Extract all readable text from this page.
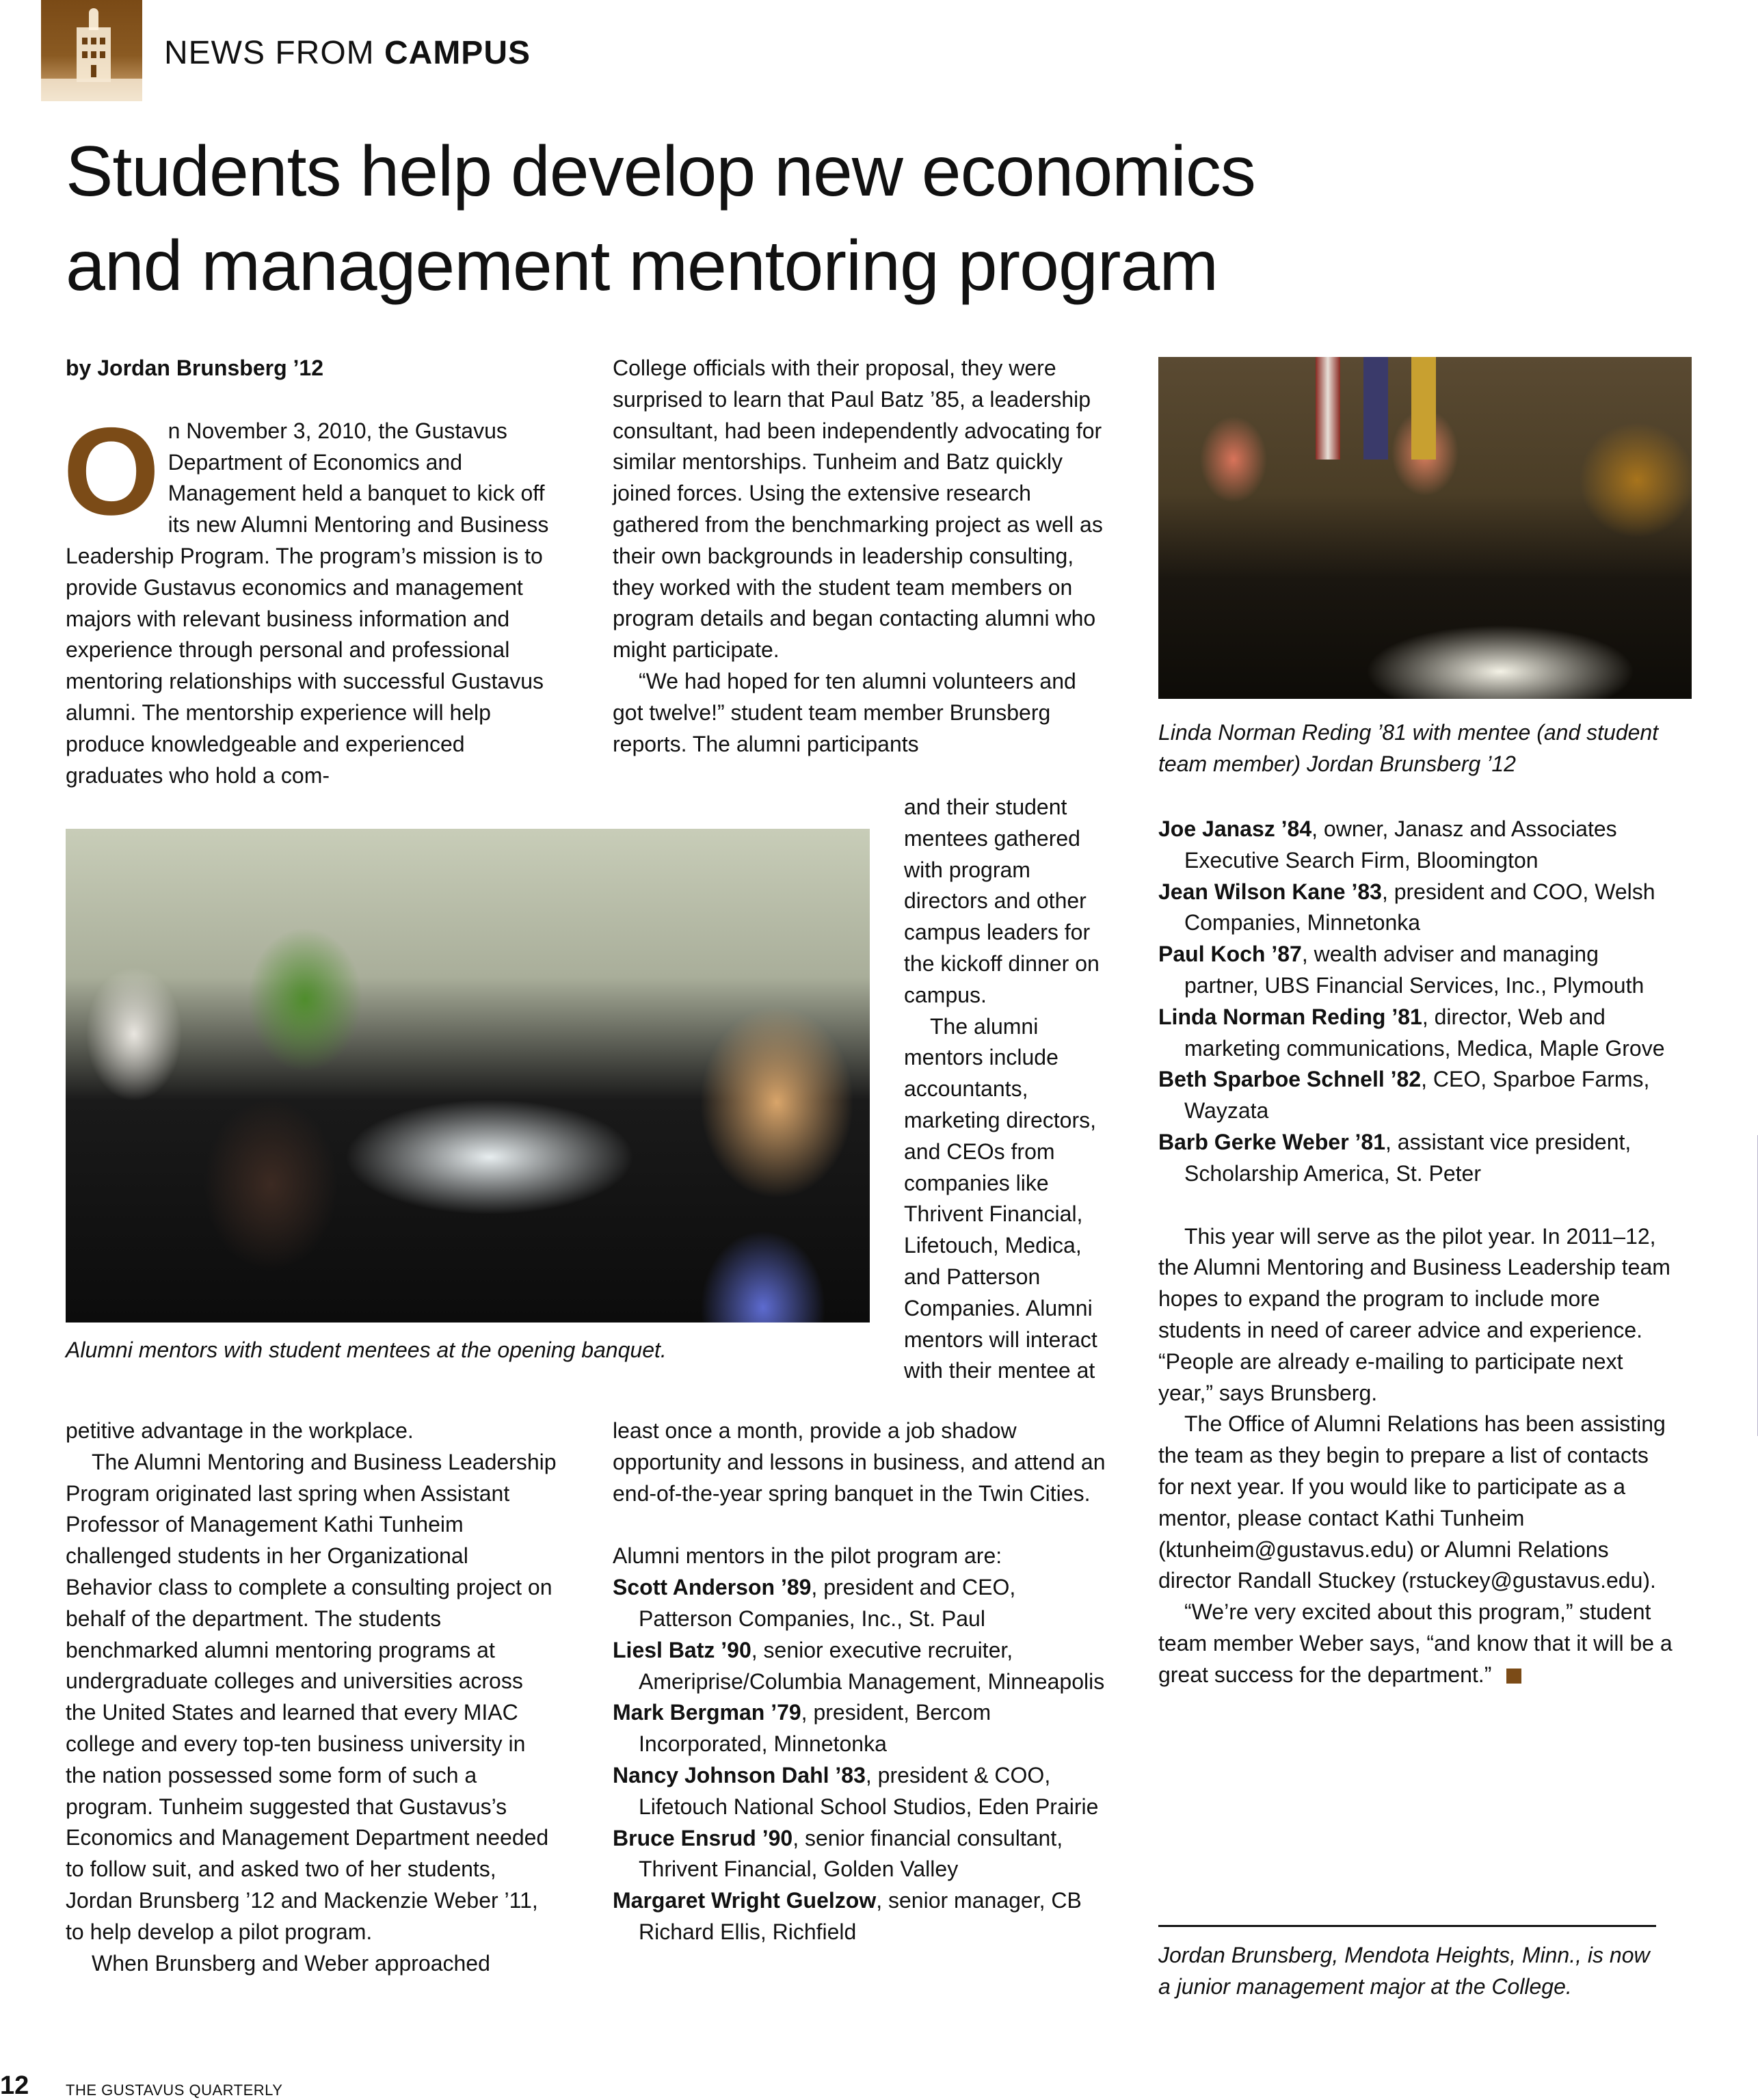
NEWS FROM CAMPUS
Students help develop new economics
and management mentoring program

by Jordan Brunsberg ’12

On November 3, 2010, the Gustavus Department of Economics and Management held a banquet to kick off its new Alumni Mentoring and Business Leadership Program. The program’s mission is to provide Gustavus economics and management majors with relevant business information and experience through personal and professional mentoring relationships with successful Gustavus alumni. The mentorship experience will help produce knowledgeable and experienced graduates who hold a com-

Alumni mentors with student mentees at the opening banquet.

petitive advantage in the workplace.

The Alumni Mentoring and Business Leadership Program originated last spring when Assistant Professor of Management Kathi Tunheim challenged students in her Organizational Behavior class to complete a consulting project on behalf of the department. The students benchmarked alumni mentoring programs at undergraduate colleges and universities across the United States and learned that every MIAC college and every top-ten business university in the nation possessed some form of such a program. Tunheim suggested that Gustavus’s Economics and Management Department needed to follow suit, and asked two of her students, Jordan Brunsberg ’12 and Mackenzie Weber ’11, to help develop a pilot program.

When Brunsberg and Weber approached

College officials with their proposal, they were surprised to learn that Paul Batz ’85, a leadership consultant, had been independently advocating for similar mentorships. Tunheim and Batz quickly joined forces. Using the extensive research gathered from the benchmarking project as well as their own backgrounds in leadership consulting, they worked with the student team members on program details and began contacting alumni who might participate.

“We had hoped for ten alumni volunteers and got twelve!” student team member Brunsberg reports. The alumni participants

and their student mentees gathered with program directors and other campus leaders for the kickoff dinner on campus.

The alumni mentors include accountants, marketing directors, and CEOs from companies like Thrivent Financial, Lifetouch, Medica, and Patterson Companies. Alumni mentors will interact with their mentee at

least once a month, provide a job shadow opportunity and lessons in business, and attend an end-of-the-year spring banquet in the Twin Cities.

Alumni mentors in the pilot program are:

Scott Anderson ’89, president and CEO, Patterson Companies, Inc., St. Paul

Liesl Batz ’90, senior executive recruiter, Ameriprise/Columbia Management, Minneapolis

Mark Bergman ’79, president, Bercom Incorporated, Minnetonka

Nancy Johnson Dahl ’83, president & COO, Lifetouch National School Studios, Eden Prairie

Bruce Ensrud ’90, senior financial consultant, Thrivent Financial, Golden Valley

Margaret Wright Guelzow, senior manager, CB Richard Ellis, Richfield

Linda Norman Reding ’81 with mentee (and student team member) Jordan Brunsberg ’12

Joe Janasz ’84, owner, Janasz and Associates Executive Search Firm, Bloomington

Jean Wilson Kane ’83, president and COO, Welsh Companies, Minnetonka

Paul Koch ’87, wealth adviser and managing partner, UBS Financial Services, Inc., Plymouth

Linda Norman Reding ’81, director, Web and marketing communications, Medica, Maple Grove

Beth Sparboe Schnell ’82, CEO, Sparboe Farms, Wayzata

Barb Gerke Weber ’81, assistant vice president, Scholarship America, St. Peter

This year will serve as the pilot year. In 2011–12, the Alumni Mentoring and Business Leadership team hopes to expand the program to include more students in need of career advice and experience. “People are already e-mailing to participate next year,” says Brunsberg.

The Office of Alumni Relations has been assisting the team as they begin to prepare a list of contacts for next year. If you would like to participate as a mentor, please contact Kathi Tunheim (ktunheim@gustavus.edu) or Alumni Relations director Randall Stuckey (rstuckey@gustavus.edu).

“We’re very excited about this program,” student team member Weber says, “and know that it will be a great success for the department.”

Jordan Brunsberg, Mendota Heights, Minn., is now a junior management major at the College.
12 THE GUSTAVUS QUARTERLY
